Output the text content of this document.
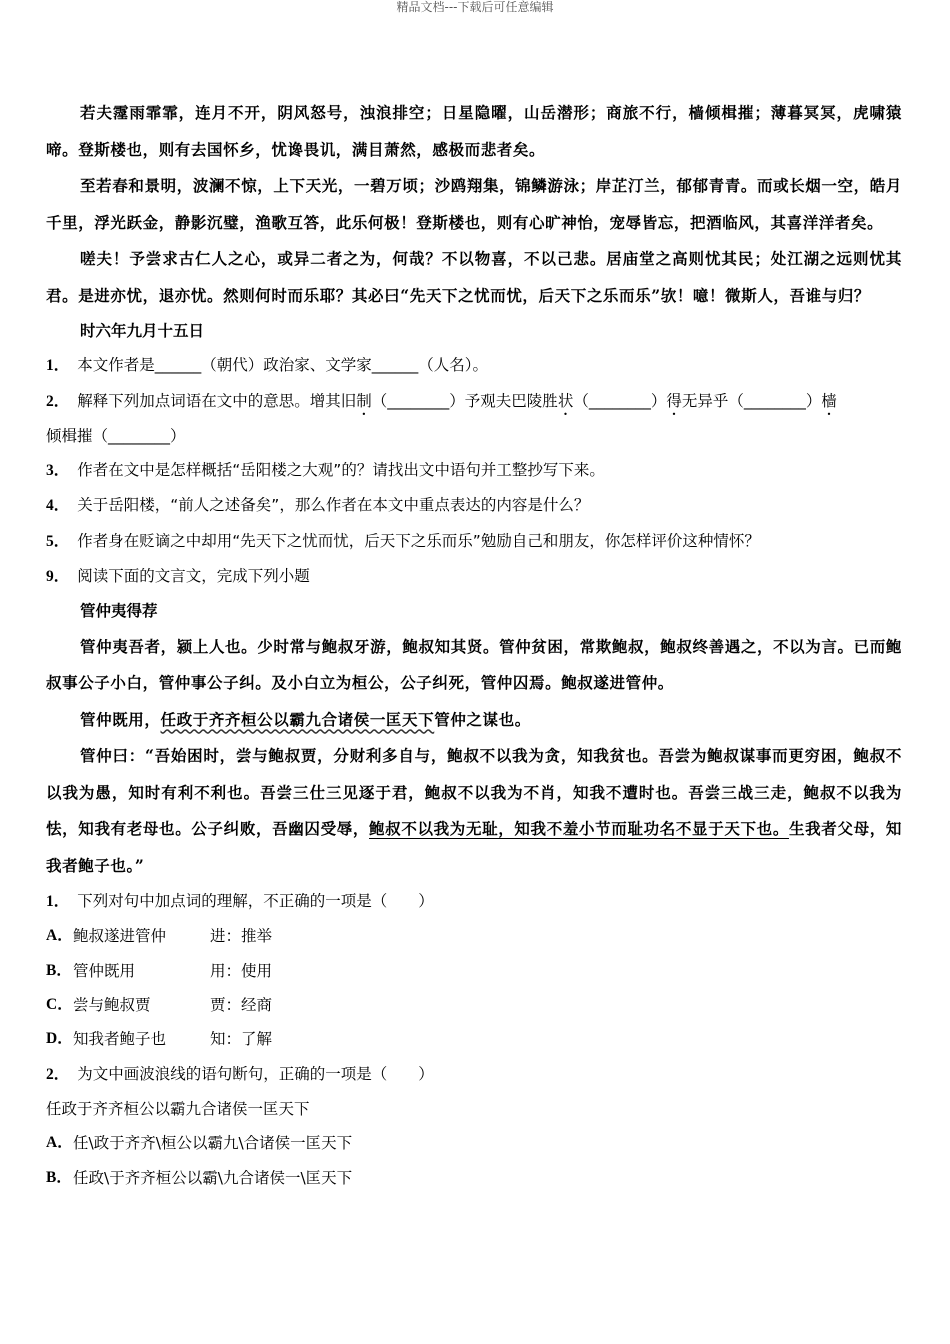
精品文档---下载后可任意编辑

若夫霪雨霏霏，连月不开，阴风怒号，浊浪排空；日星隐曜，山岳潜形；商旅不行，樯倾楫摧；薄暮冥冥，虎啸猿啼。登斯楼也，则有去国怀乡，忧谗畏讥，满目萧然，感极而悲者矣。

至若春和景明，波澜不惊，上下天光，一碧万顷；沙鸥翔集，锦鳞游泳；岸芷汀兰，郁郁青青。而或长烟一空，皓月千里，浮光跃金，静影沉璧，渔歌互答，此乐何极！登斯楼也，则有心旷神怡，宠辱皆忘，把酒临风，其喜洋洋者矣。

嗟夫！予尝求古仁人之心，或异二者之为，何哉？不以物喜，不以己悲。居庙堂之高则忧其民；处江湖之远则忧其君。是进亦忧，退亦忧。然则何时而乐耶？其必曰“先天下之忧而忧，后天下之乐而乐”欤！噫！微斯人，吾谁与归？

时六年九月十五日

1． 本文作者是______（朝代）政治家、文学家______（人名）。

2． 解释下列加点词语在文中的意思。增其旧制（________）予观夫巴陵胜状（________）得无异乎（________）樯
倾楫摧（________）

3． 作者在文中是怎样概括“岳阳楼之大观”的？请找出文中语句并工整抄写下来。

4． 关于岳阳楼，“前人之述备矣”，那么作者在本文中重点表达的内容是什么？

5． 作者身在贬谪之中却用“先天下之忧而忧，后天下之乐而乐”勉励自己和朋友，你怎样评价这种情怀？

9． 阅读下面的文言文，完成下列小题

管仲夷得荐

管仲夷吾者，颍上人也。少时常与鲍叔牙游，鲍叔知其贤。管仲贫困，常欺鲍叔，鲍叔终善遇之，不以为言。已而鲍叔事公子小白，管仲事公子纠。及小白立为桓公，公子纠死，管仲囚焉。鲍叔遂进管仲。

管仲既用，任政于齐齐桓公以霸九合诸侯一匡天下管仲之谋也。

管仲曰：“吾始困时，尝与鲍叔贾，分财利多自与，鲍叔不以我为贪，知我贫也。吾尝为鲍叔谋事而更穷困，鲍叔不以我为愚，知时有利不利也。吾尝三仕三见逐于君，鲍叔不以我为不肖，知我不遭时也。吾尝三战三走，鲍叔不以我为怯，知我有老母也。公子纠败，吾幽囚受辱，鲍叔不以我为无耻，知我不羞小节而耻功名不显于天下也。生我者父母，知我者鲍子也。”

1． 下列对句中加点词的理解，不正确的一项是（　　）

A． 鲍叔遂进管仲	进：推举
B． 管仲既用	用：使用
C． 尝与鲍叔贾	贾：经商
D． 知我者鲍子也	知：了解

2． 为文中画波浪线的语句断句，正确的一项是（　　）

任政于齐齐桓公以霸九合诸侯一匡天下

A． 任\政于齐齐\桓公以霸九\合诸侯一匡天下
B． 任政\于齐齐桓公以霸\九合诸侯一\匡天下
